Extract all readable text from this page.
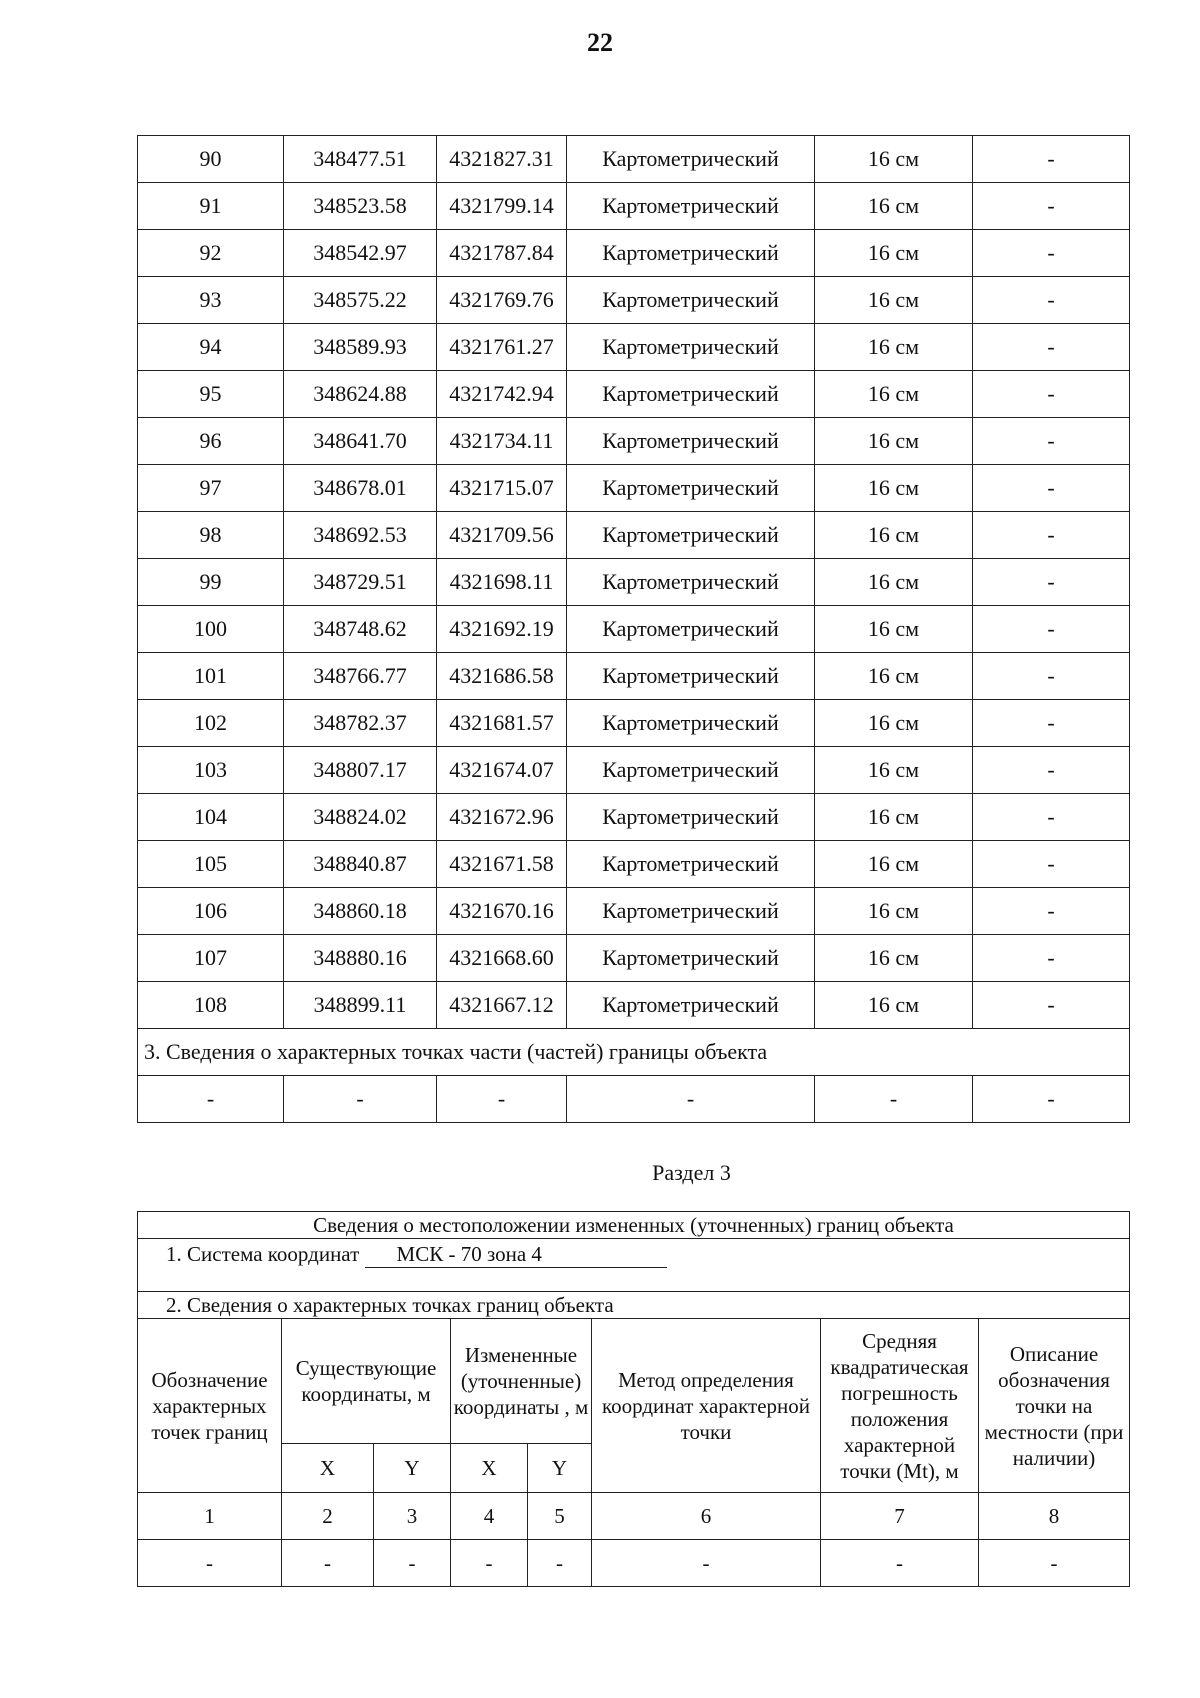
22
90	348477.51	4321827.31	Картометрический	16 см	-
91	348523.58	4321799.14	Картометрический	16 см	-
92	348542.97	4321787.84	Картометрический	16 см	-
93	348575.22	4321769.76	Картометрический	16 см	-
94	348589.93	4321761.27	Картометрический	16 см	-
95	348624.88	4321742.94	Картометрический	16 см	-
96	348641.70	4321734.11	Картометрический	16 см	-
97	348678.01	4321715.07	Картометрический	16 см	-
98	348692.53	4321709.56	Картометрический	16 см	-
99	348729.51	4321698.11	Картометрический	16 см	-
100	348748.62	4321692.19	Картометрический	16 см	-
101	348766.77	4321686.58	Картометрический	16 см	-
102	348782.37	4321681.57	Картометрический	16 см	-
103	348807.17	4321674.07	Картометрический	16 см	-
104	348824.02	4321672.96	Картометрический	16 см	-
105	348840.87	4321671.58	Картометрический	16 см	-
106	348860.18	4321670.16	Картометрический	16 см	-
107	348880.16	4321668.60	Картометрический	16 см	-
108	348899.11	4321667.12	Картометрический	16 см	-
3. Сведения о характерных точках части (частей) границы объекта					
-	-	-	-	-	-
Раздел 3
Сведения о местоположении измененных (уточненных) границ объекта							
1. Система координат МСК - 70 зона 4							
2. Сведения о характерных точках границ объекта							
Обозначение характерных точек границ	Существующие координаты, м		Измененные (уточненные) координаты , м		Метод определения координат характерной точки	Средняя квадратическая погрешность положения характерной точки (Mt), м	Описание обозначения точки на местности (при наличии)
	X	Y	X	Y			
1	2	3	4	5	6	7	8
-	-	-	-	-	-	-	-
